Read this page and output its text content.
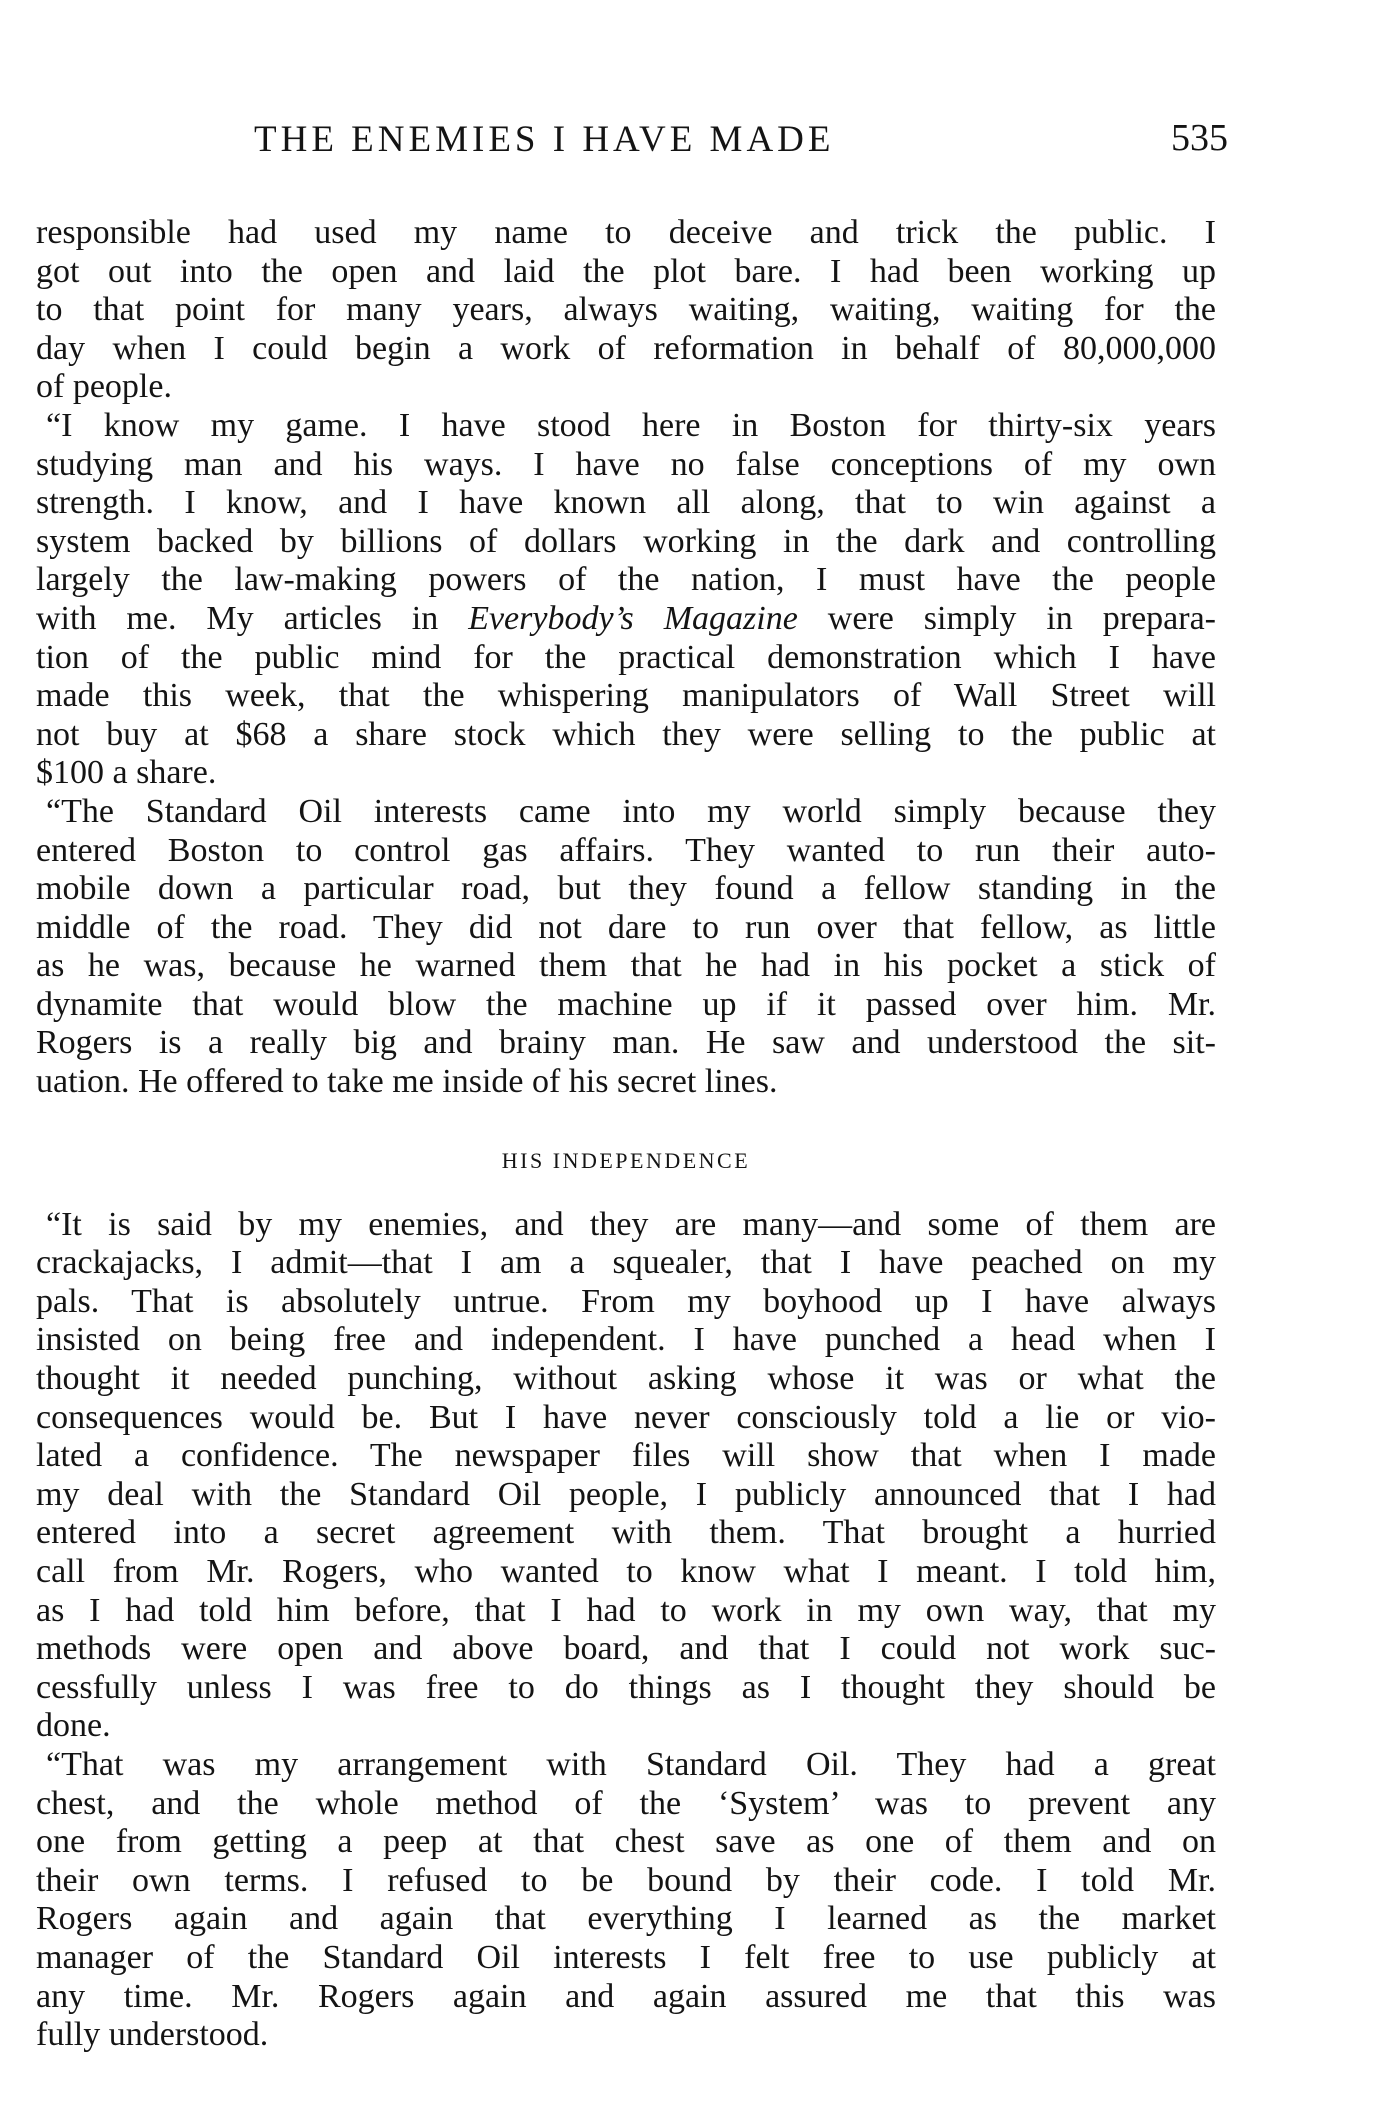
THE ENEMIES I HAVE MADE	535
responsible had used my name to deceive and trick the public. I
got out into the open and laid the plot bare. I had been working up
to that point for many years, always waiting, waiting, waiting for the
day when I could begin a work of reformation in behalf of 80,000,000
of people.
“I know my game. I have stood here in Boston for thirty-six years
studying man and his ways. I have no false conceptions of my own
strength. I know, and I have known all along, that to win against a
system backed by billions of dollars working in the dark and controlling
largely the law-making powers of the nation, I must have the people
with me. My articles in Everybody’s Magazine were simply in prepara-
tion of the public mind for the practical demonstration which I have
made this week, that the whispering manipulators of Wall Street will
not buy at $68 a share stock which they were selling to the public at
$100 a share.
“The Standard Oil interests came into my world simply because they
entered Boston to control gas affairs. They wanted to run their auto-
mobile down a particular road, but they found a fellow standing in the
middle of the road. They did not dare to run over that fellow, as little
as he was, because he warned them that he had in his pocket a stick of
dynamite that would blow the machine up if it passed over him. Mr.
Rogers is a really big and brainy man. He saw and understood the sit-
uation. He offered to take me inside of his secret lines.
HIS INDEPENDENCE
“It is said by my enemies, and they are many—and some of them are
crackajacks, I admit—that I am a squealer, that I have peached on my
pals. That is absolutely untrue. From my boyhood up I have always
insisted on being free and independent. I have punched a head when I
thought it needed punching, without asking whose it was or what the
consequences would be. But I have never consciously told a lie or vio-
lated a confidence. The newspaper files will show that when I made
my deal with the Standard Oil people, I publicly announced that I had
entered into a secret agreement with them. That brought a hurried
call from Mr. Rogers, who wanted to know what I meant. I told him,
as I had told him before, that I had to work in my own way, that my
methods were open and above board, and that I could not work suc-
cessfully unless I was free to do things as I thought they should be
done.
“That was my arrangement with Standard Oil. They had a great
chest, and the whole method of the ‘System’ was to prevent any
one from getting a peep at that chest save as one of them and on
their own terms. I refused to be bound by their code. I told Mr.
Rogers again and again that everything I learned as the market
manager of the Standard Oil interests I felt free to use publicly at
any time. Mr. Rogers again and again assured me that this was
fully understood.
